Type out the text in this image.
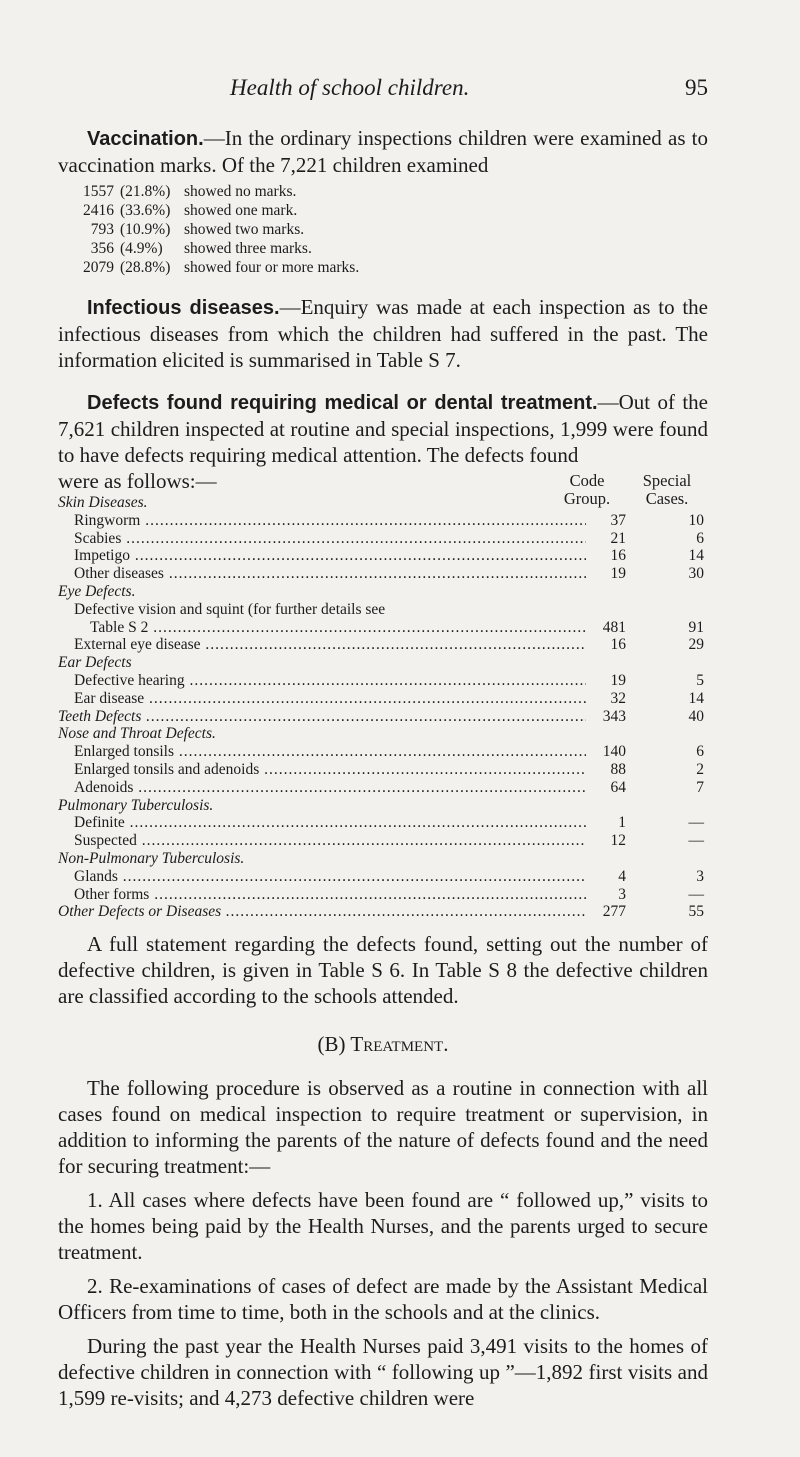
Health of school children.	95

Vaccination.—In the ordinary inspections children were examined as to vaccination marks. Of the 7,221 children examined

1557 (21.8%) showed no marks.
2416 (33.6%) showed one mark.
793 (10.9%) showed two marks.
356 (4.9%)	showed three marks.
2079 (28.8%) showed four or more marks.

Infectious diseases.—Enquiry was made at each inspection as to the infectious diseases from which the children had suffered in the past. The information elicited is summarised in Table S 7.

Defects found requiring medical or dental treatment.—Out of the 7,621 children inspected at routine and special inspections, 1,999 were found to have defects requiring medical attention. The defects found

were as follows:—	Code
Group.
Special
Cases.
Skin Diseases.
Ringworm .....	37	10
Scabies .....	21	6
Impetigo .....	16	14
Other diseases .....	19	30
Eye Defects.
Defective vision and squint (for further details see
Table S 2 .....	481	91
External eye disease .....	16	29
Ear Defects
Defective hearing .....	19	5
Ear disease .....	32	14
Teeth Defects .....	343	40
Nose and Throat Defects.
Enlarged tonsils .....	140	6
Enlarged tonsils and adenoids .....	88	2
Adenoids .....	64	7
Pulmonary Tuberculosis.
Definite .....	1	—
Suspected .....	12	—
Non-Pulmonary Tuberculosis.
Glands .....	4	3
Other forms .....	3	—
Other Defects or Diseases .....	277	55

A full statement regarding the defects found, setting out the number of defective children, is given in Table S 6. In Table S 8 the defective children are classified according to the schools attended.

(B) Treatment.

The following procedure is observed as a routine in connection with all cases found on medical inspection to require treatment or supervision, in addition to informing the parents of the nature of defects found and the need for securing treatment:—

1. All cases where defects have been found are “ followed up,” visits to the homes being paid by the Health Nurses, and the parents urged to secure treatment.

2. Re-examinations of cases of defect are made by the Assistant Medical Officers from time to time, both in the schools and at the clinics.

During the past year the Health Nurses paid 3,491 visits to the homes of defective children in connection with “ following up ”—1,892 first visits and 1,599 re-visits; and 4,273 defective children were
